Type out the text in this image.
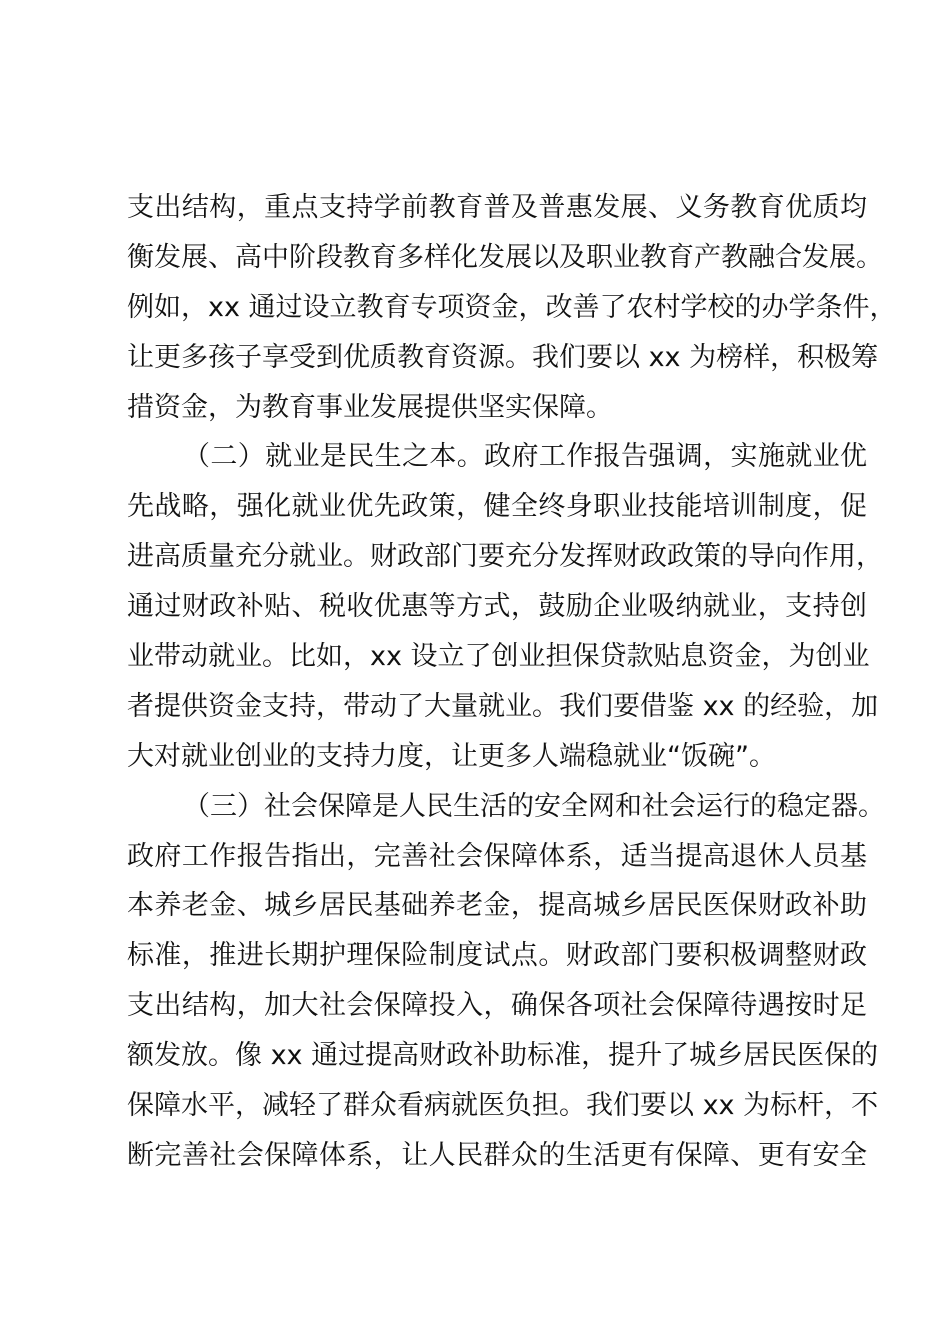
支出结构，重点支持学前教育普及普惠发展、义务教育优质均
衡发展、高中阶段教育多样化发展以及职业教育产教融合发展。
例如，xx 通过设立教育专项资金，改善了农村学校的办学条件，
让更多孩子享受到优质教育资源。我们要以 xx 为榜样，积极筹
措资金，为教育事业发展提供坚实保障。
（二）就业是民生之本。政府工作报告强调，实施就业优
先战略，强化就业优先政策，健全终身职业技能培训制度，促
进高质量充分就业。财政部门要充分发挥财政政策的导向作用，
通过财政补贴、税收优惠等方式，鼓励企业吸纳就业，支持创
业带动就业。比如，xx 设立了创业担保贷款贴息资金，为创业
者提供资金支持，带动了大量就业。我们要借鉴 xx 的经验，加
大对就业创业的支持力度，让更多人端稳就业“饭碗”。
（三）社会保障是人民生活的安全网和社会运行的稳定器。
政府工作报告指出，完善社会保障体系，适当提高退休人员基
本养老金、城乡居民基础养老金，提高城乡居民医保财政补助
标准，推进长期护理保险制度试点。财政部门要积极调整财政
支出结构，加大社会保障投入，确保各项社会保障待遇按时足
额发放。像 xx 通过提高财政补助标准，提升了城乡居民医保的
保障水平，减轻了群众看病就医负担。我们要以 xx 为标杆，不
断完善社会保障体系，让人民群众的生活更有保障、更有安全
